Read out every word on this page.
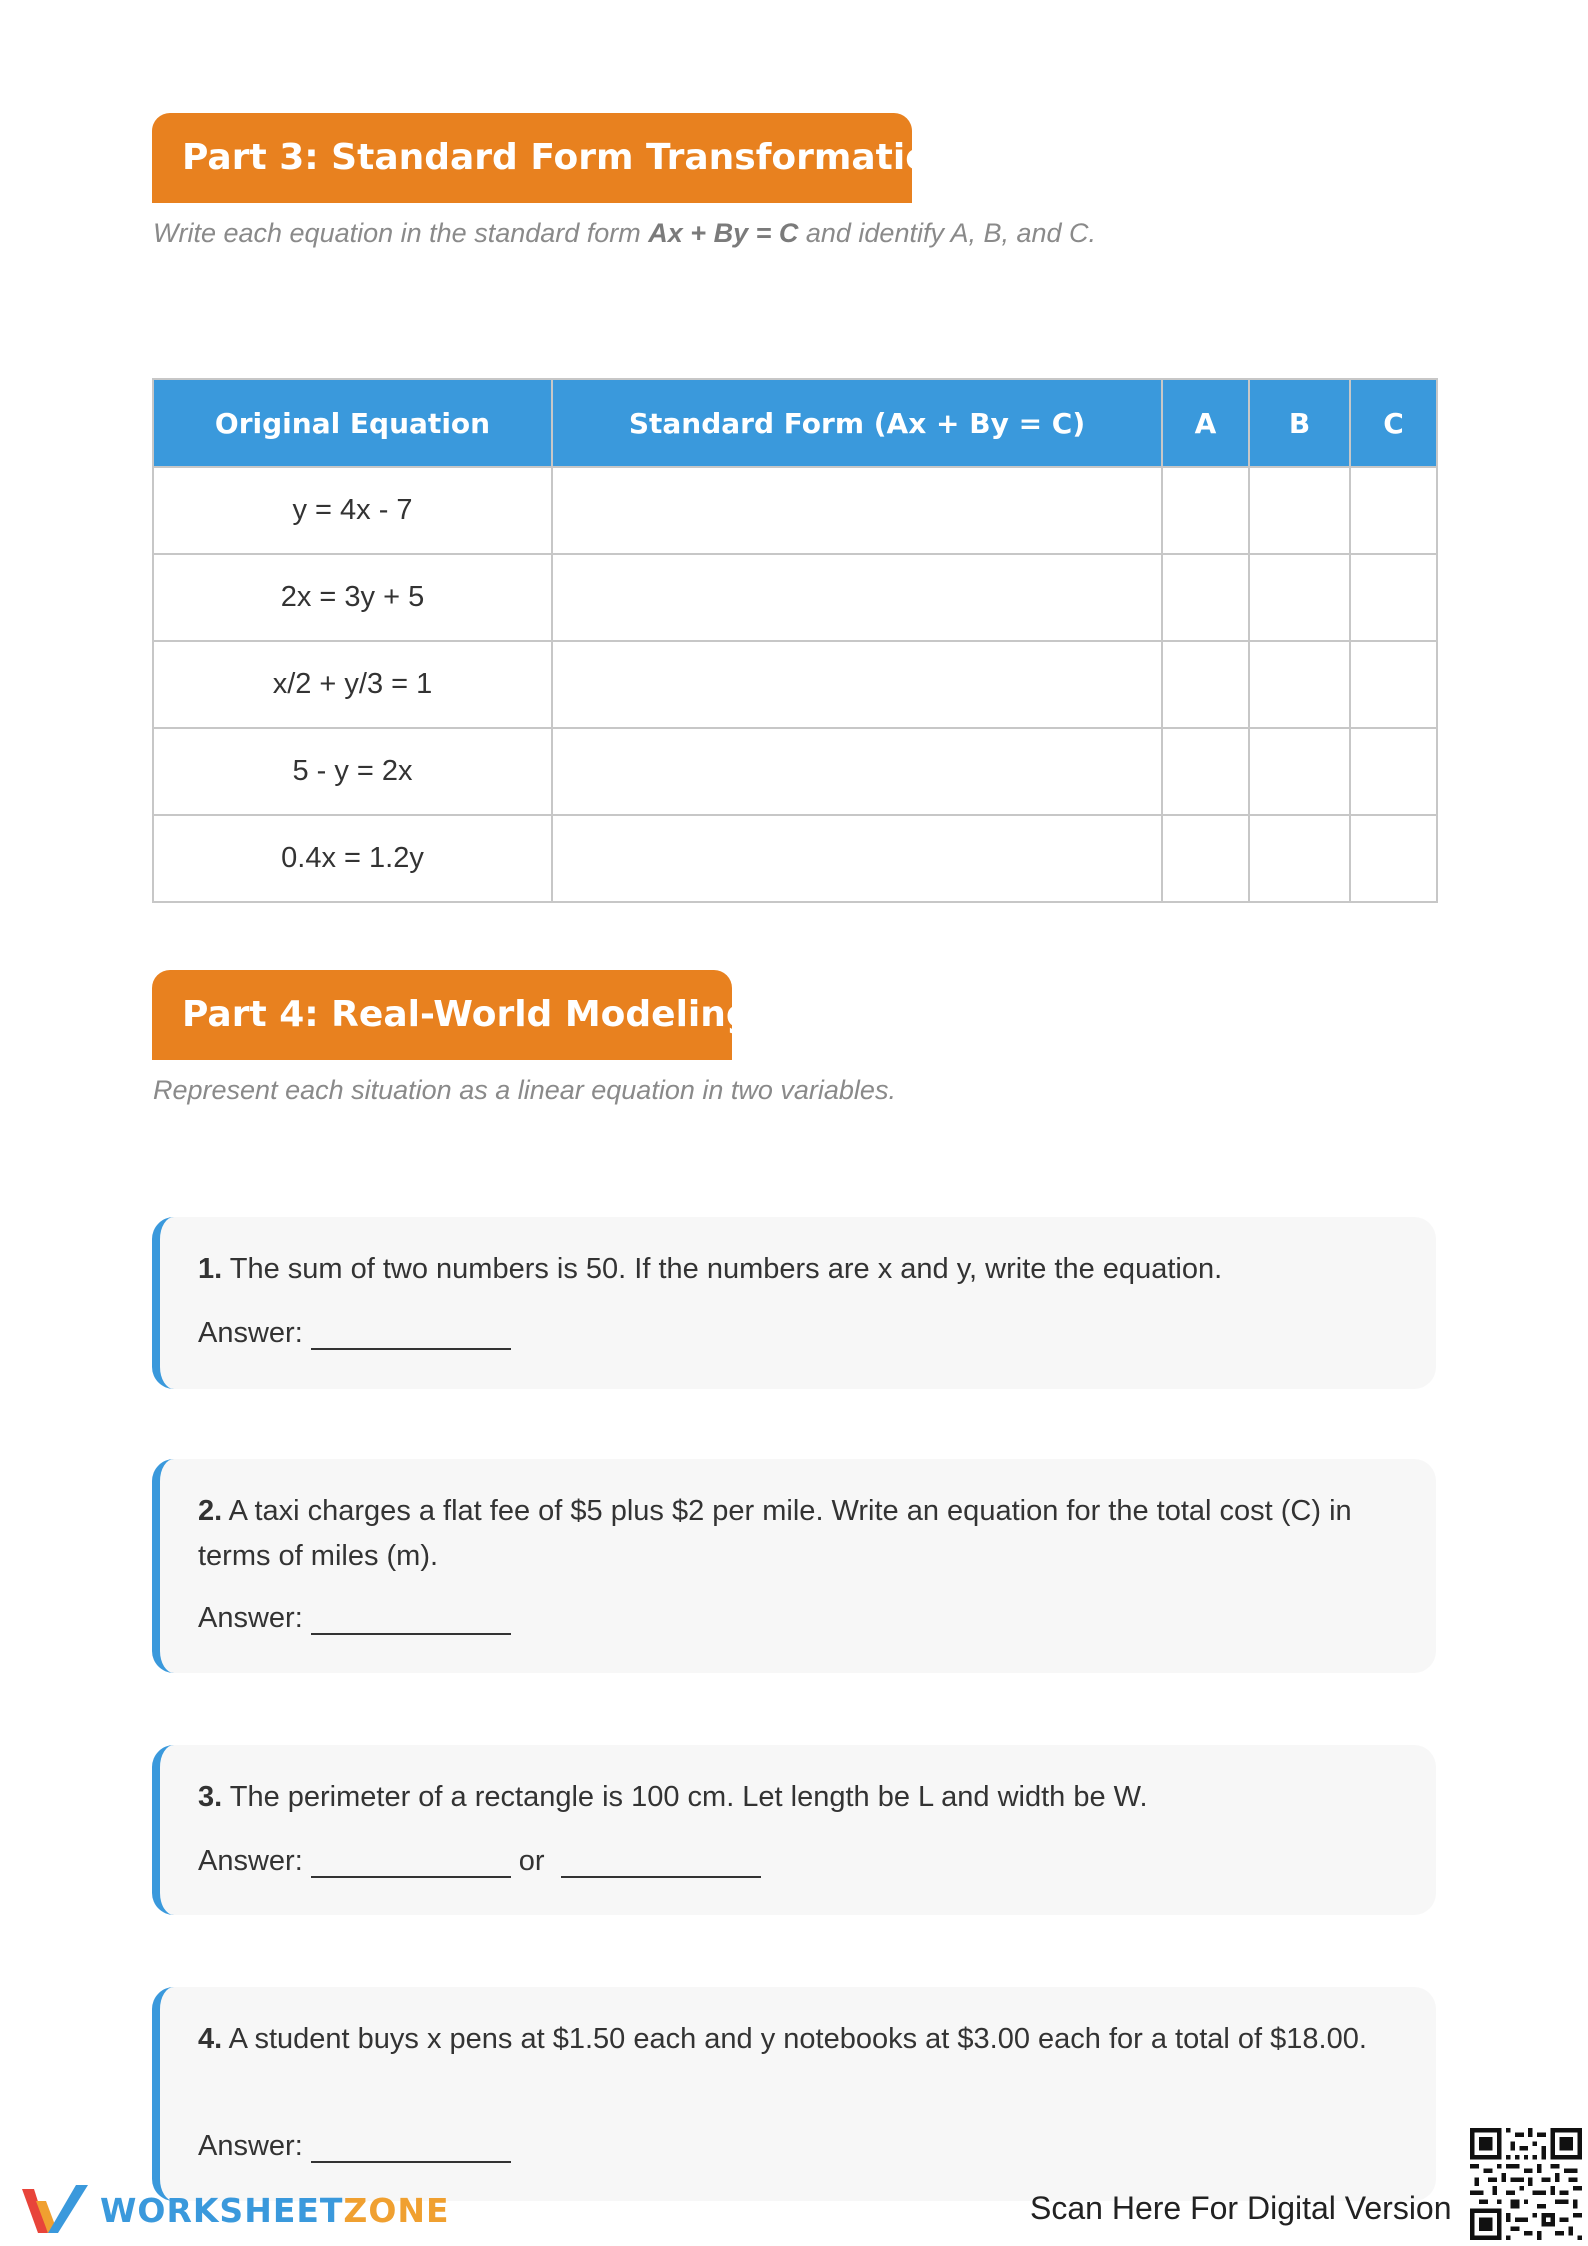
Part 3: Standard Form Transformation
Write each equation in the standard form Ax + By = C and identify A, B, and C.
Original Equation	Standard Form (Ax + By = C)	A	B	C
y = 4x - 7				
2x = 3y + 5				
x/2 + y/3 = 1				
5 - y = 2x				
0.4x = 1.2y				
Part 4: Real-World Modeling
Represent each situation as a linear equation in two variables.
1. The sum of two numbers is 50. If the numbers are x and y, write the equation.
Answer:
2. A taxi charges a flat fee of $5 plus $2 per mile. Write an equation for the total cost (C) in terms of miles (m).
Answer:
3. The perimeter of a rectangle is 100 cm. Let length be L and width be W.
Answer:	or
4. A student buys x pens at $1.50 each and y notebooks at $3.00 each for a total of $18.00.
Answer:
WORKSHEETZONE	Scan Here For Digital Version
